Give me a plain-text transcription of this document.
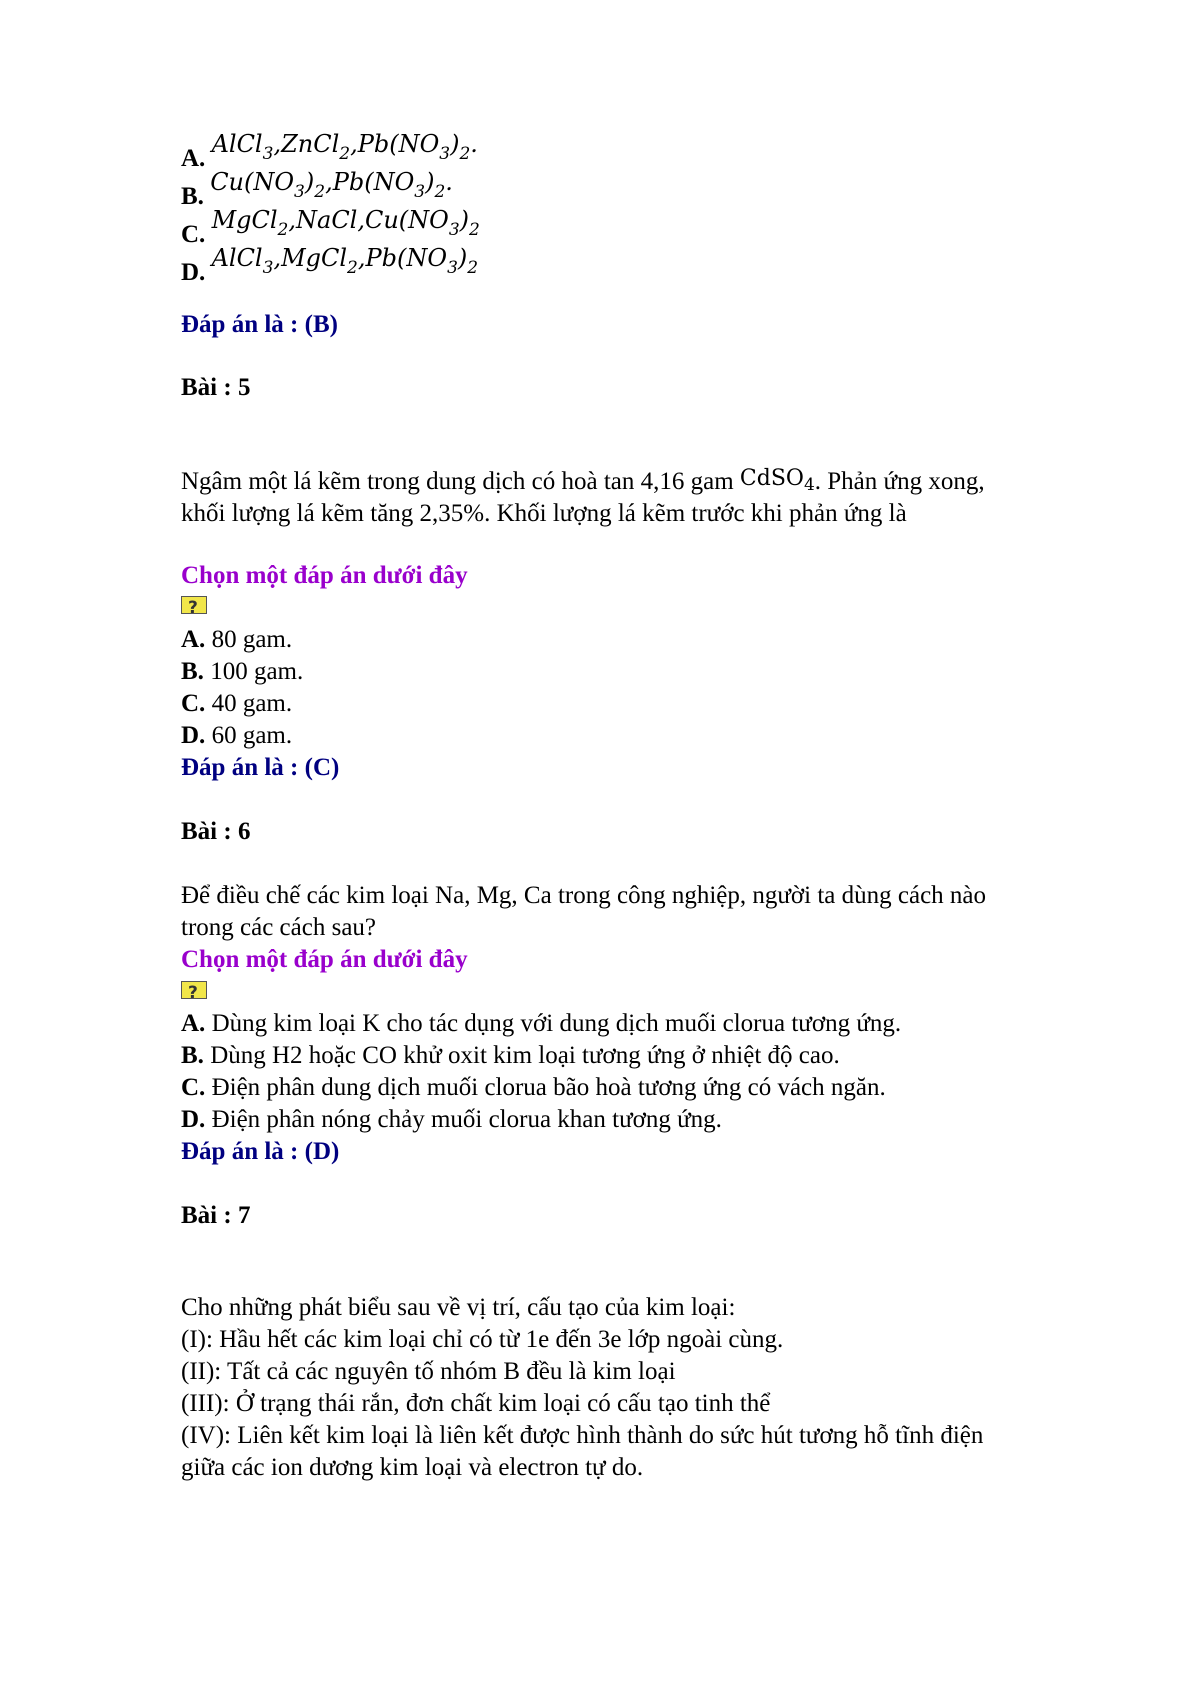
A. $AlCl_3,ZnCl_2,Pb(NO_3)_2$.
B. $Cu(NO_3)_2,Pb(NO_3)_2$.
C. $MgCl_2,NaCl,Cu(NO_3)_2$
D. $AlCl_3,MgCl_2,Pb(NO_3)_2$
Đáp án là : (B)
Bài : 5
Ngâm một lá kẽm trong dung dịch có hoà tan 4,16 gam CdSO$_4$. Phản ứng xong,
khối lượng lá kẽm tăng 2,35%. Khối lượng lá kẽm trước khi phản ứng là
Chọn một đáp án dưới đây
?
A. 80 gam.
B. 100 gam.
C. 40 gam.
D. 60 gam.
Đáp án là : (C)
Bài : 6
Để điều chế các kim loại Na, Mg, Ca trong công nghiệp, người ta dùng cách nào
trong các cách sau?
Chọn một đáp án dưới đây
?
A. Dùng kim loại K cho tác dụng với dung dịch muối clorua tương ứng.
B. Dùng H2 hoặc CO khử oxit kim loại tương ứng ở nhiệt độ cao.
C. Điện phân dung dịch muối clorua bão hoà tương ứng có vách ngăn.
D. Điện phân nóng chảy muối clorua khan tương ứng.
Đáp án là : (D)
Bài : 7
Cho những phát biểu sau về vị trí, cấu tạo của kim loại:
(I): Hầu hết các kim loại chỉ có từ 1e đến 3e lớp ngoài cùng.
(II): Tất cả các nguyên tố nhóm B đều là kim loại
(III): Ở trạng thái rắn, đơn chất kim loại có cấu tạo tinh thể
(IV): Liên kết kim loại là liên kết được hình thành do sức hút tương hỗ tĩnh điện
giữa các ion dương kim loại và electron tự do.
